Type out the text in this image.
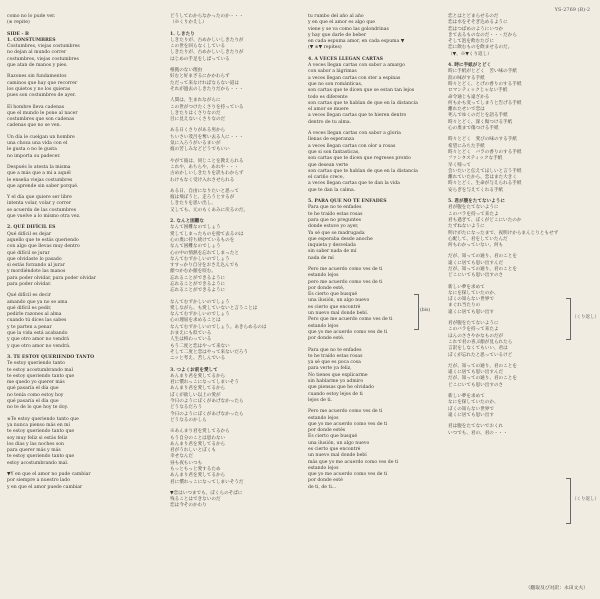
YS-2769 (B)-2
como no lo pude ver.
(※ repite)
SIDE - B
1. CONSTUMBRES
Costumbres, viejas costumbres
no dejan al mundo correr
costumbres, viejas costumbres
que atan de manos y pies.
Razones sin fundamentos
caminos que hay que recorrer
los quietos y no los quieras
pues son costumbres de ayer.
El hombre lleva cadenas
que el mundo le pone al nacer
costumbres que son cadenas
cadenas que no se ven.
Un día le cuelgan un hombre
una choza una vida con el
le gusta o no le gusta
no importa su padecer.
Después lo atesta la misma
que a más que a mi a aquél
le enseña viejas costumbres
que aprende sin saber porqué.
Y el día que quiere ser libre
intenta volar, volar y correr
se acuerda de las costumbres
que vuelve a lo mismo otra vez.
2. QUÉ DIFÍCIL ES
Qué difícil es dejar
aquello que te estás queriendo
con algo que llevas muy dentro
qué difícil se jurar
que olvidaste lo pasado
si estás forzando al jurar
y mordiéndote las manos
para poder olvidar, para poder olvidar
para poder olvidar.
Qué difícil es decir
amando que ya no se ama
qué difícil es pedir,
pedirle razones al alma
cuando tú dices las sabes
y te parten a penar
que la vida está acabando
y que otro amor no vendrá
y que otro amor no vendrá.
3. TE ESTOY QUERIENDO TANTO
Te estoy queriendo tanto
te estoy acostumbrando mal
te estoy queriendo tanto que
me quedo yo querer más
qué pasaría el día que
no tenía como estoy hoy
qué pasaría el día que
no te de lo que hoy te doy.
※Te estoy queriendo tanto que
ya nunca pienso más en mí
te estoy queriendo tanto que
soy muy feliz si estás feliz
los días y las noches son
para querer más y más
te estoy queriendo tanto que
estoy acostumbrando mal.
▼Y en que el amor no pude cambiar
por siempre a nuestro lado
y en que el amor puede cambiar
どうしてわからなかったのか・・・
（※くりかえし）
1. しきたり
しきたりが、古めかしいしきたりが
この世を回らなくしている
しきたりが、古めかしいしきたりが
はじめの手足をしばっている
根拠のない理由
好むと好まざるにかかわらず
ただって来なければならない道は
それが過去のしきたりだから・・・
人間は、生まれながらに
この世がつけたくさりを持っている
しきたりはくさりなのだ
目に見えないくさりなのだ
ある日くさりがある男から
ちいさい茂呂を奪い去る人に・・・
気に入ろうがいるまいが
彼の苦しみなどどうでもいい
やがて彼は、同じことを教えられる
これや、あちらや、あれや・・・
古めかしいしきたりを訳もわからず
わけもなく受け入れさせられる
ある日、自由になりたいと思って
彼は飛ぼうと、走ろうとするが
しきたりを思い出し、
又しても、元のもくあみに戻るのだ。
2. なんと困難な
なんて困難なのでしょう
愛してしまったものを捨て去るのは
心の奥に持ち続けているものを
なんて困難なのでしょう
心の中の情熱を忘れてしまったと
なんてむずかしいのでしょう
すすっかり自分をおさえ込んでも
顔つかむか顔を咬む。
忘れることができるように
忘れることができるように
忘れることができるように
なんてむずかしいのでしょう
愛しながら、も愛していないと言うことは
なんてむずかしいのでしょう
心の理屈を求めることは
なんてむずかしいのでしょう。あきらめるのは
おまえにも似ている
人生は終わっている
もう二度と恋はやって来ない
そして二度と恋はやって来ないだろう
ニッと考え、苦しんでいる
3. つよくお前を愛して
あんまり君を愛してるから
君に慣れっこになってしまいそう
あんまり君を愛してるから
ぼくが欲しい以上の愛が
今日のようにぼくがあげなかったら
どうなるだろう
今日のようにぼくがあげなかったら
どうなるのかしら
※あんまり君を愛してるから
もう自分のことは思わない
あんまり君を愛してるから
君がうれしいとぼくも
幸せなんだ
昼も夜もいつも
もっともっと愛するため
あんまり君を愛してるから
君に慣れっこになってしまいそうだ
▼恋はいつまでも、ぼくらのそばに
残ることはできないのだ
恋は今そのかわり
tu rumbo del año al año
y en que el amor es algo que
viene y se va como las golondrinas
y hay que darle de beber
en cada espuma amor, en cada espuma ▼
(▼ ※▼ repites)
4. A VECES LLEGAN CARTAS
A veces llegan cartas con sabor a amargo
con sabor a lágrimas
a veces llegan cartas con ster a espinas
que no son románticas,
son cartas que te dicen que se estan tan lejos
todo es diferente
son cartas que te hablan de que en la distancia
el amor se muere
a veces llegan cartas que te hieren dentro
dentro de tu alma.
A veces llegan cartas con sabor a gloria
llenas de esperanza
a veces llegan cartas con olor a rosas
que si son fantasticas,
son cartas que te dicen que regreses pronto
que desean verte
son cartas que te hablan de que en la distancia
el cariño crece,
a veces llegan cartas que te dan la vida
que te dan la calma.
5. PARA QUE NO TE ENFADES
Para que no te enfades
te he traído estas rosas
para que no preguntes
donde estuve yo ayer,
Ya sé que se madrugada
que esperaba desde anoche
inquieta y desvelada
sin saber nada de mí
nada de mí
Pero me acuerdo como ves de ti
estando lejos
pero me acuerdo como ves de ti
por donde esté,
Es cierto que busqué
una ilusión, un algo nuevo
es cierto que encontré
un nuevo mal donde bebí.
Pero que me acuerdo como ves de ti
estando lejos
que yo me acuerdo como ves de ti
por donde esté.
Para que no te enfades
te he traído estas rosas
ya sé que es poca cosa
para verte ya feliz,
No tienes que explicarme
sin hablarme yo admiro
que piensas que he olvidado
cuando estoy lejos de ti
lejos de ti.
Pero me acuerdo como ves de ti
estando lejos
que yo me acuerdo como ves de ti
por donde estés
Es cierto que busqué
una ilusión, un algo nuevo
es cierto que encontré
un nuevo mal donde bebí
más que yo me acuerdo como ves de ti
estando lejos
que yo me acuerdo como ves de ti
por donde esté
de ti, de ti...
恋とはとどまらせるのだ
恋は水をそそぎ込めるように
恋はつばめのようにいつか
きて去るものなのだ・・・だから
そして泡を飲むたびに
恋に飲むものを飲ませるのだ。
（▼、※▼くり返し）
4. 時に手紙がとどく
時に手紙がとどく　苦い味の手紙
涙の味がする手紙
時々とどく、とげの香りのする手紙
ロマンティックじゃない手紙
命令通じも遠ざかる
何もかも変ってしまうと告げる手紙
離れたせいで恋は
死んでゆくのだとを語る手紙
時々とどく、深く傷つける手紙
心の奥まで傷つける手紙
時々とどく　愛びの味のする手紙
希望にみちた手紙
時々とどく　バラの香りのする手紙
ファンタスティックな手紙
早く帰って
会いたいと伝えてほしいと言う手紙
離れていたから、恋はまた大きく
時々とどく、生命が与えられる手紙
安らぎを与えてくれる手紙
5. 君が腹をたてないように
君が腹をたてないように
このバラを持って来たよ
君も過ぎて、ぼくがどこにいたのか
たずねないように
明けがたになったまで、夜明けからまんじりともせず
心配して、君をしていたんだ
何もわかっていない、何も
だが、知っての通り、君のことを
遠くに居ても思い出すんだ
だが、知っての通り、君のことを
どこにいても思い出すのさ
新しい夢を求めて
なにを探していたのか、
ぼくの知らない世界で
まぐれ当たりの
遠くに居ても思い出す
君が腹をたてないように
このバラを持って来たよ
ほんのささやかなものだが
これで君の喜ぶ顔が見られたら
言訳をしなくてもいい、君は
ぼくが忘れたと思っているけど
だが、知っての通り、君のことを
遠くに居ても思い出すんだ
だが、知っての通り、君のことを
どこにいても思い出すのさ
新しい夢を求めて
なにを探していたのか、
ぼくの知らない世界で
遠くに居ても思い出す
君は腹をたてないでおくれ
いつでも、君の、君の・・・
(bis)
（くり返し）
（くり返し）
（翻取及び対訳：永田文夫）
